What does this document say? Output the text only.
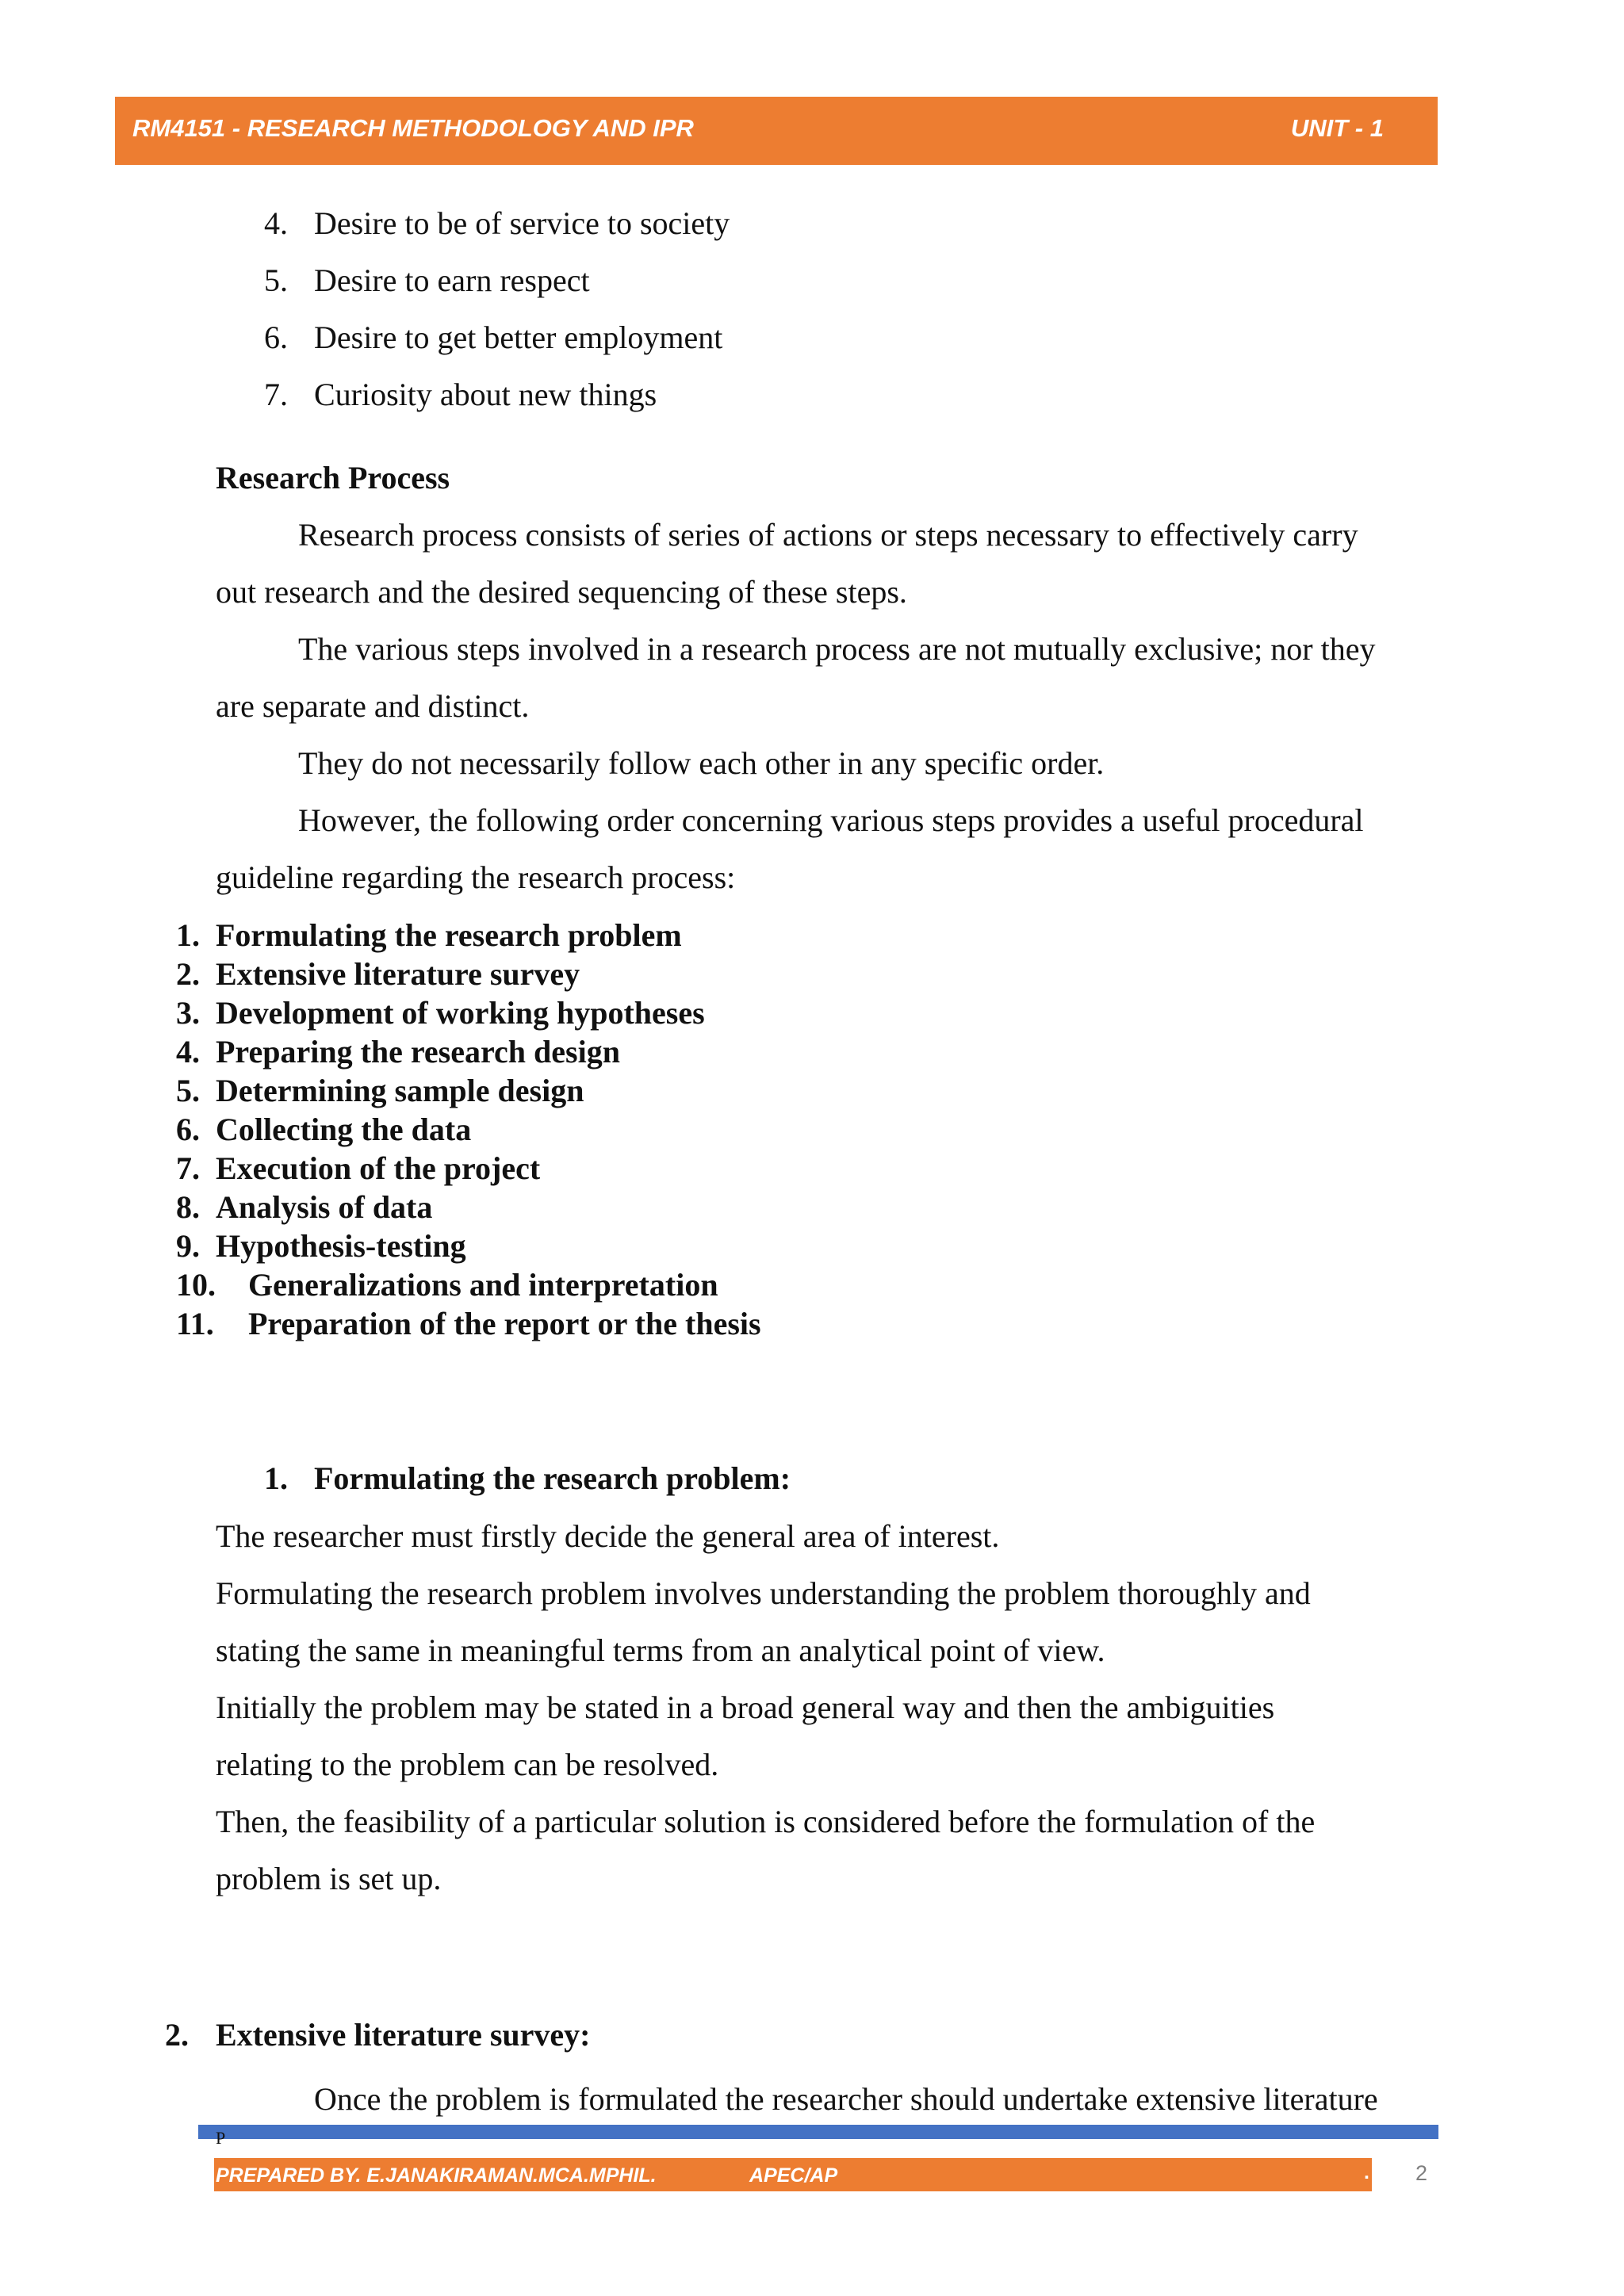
RM4151 - RESEARCH METHODOLOGY AND IPR	UNIT - 1
4. Desire to be of service to society
5. Desire to earn respect
6. Desire to get better employment
7. Curiosity about new things
Research Process
Research process consists of series of actions or steps necessary to effectively carry
out research and the desired sequencing of these steps.
The various steps involved in a research process are not mutually exclusive; nor they
are separate and distinct.
They do not necessarily follow each other in any specific order.
However, the following order concerning various steps provides a useful procedural
guideline regarding the research process:
1. Formulating the research problem
2. Extensive literature survey
3. Development of working hypotheses
4. Preparing the research design
5. Determining sample design
6. Collecting the data
7. Execution of the project
8. Analysis of data
9. Hypothesis-testing
10. Generalizations and interpretation
11. Preparation of the report or the thesis
1. Formulating the research problem:
The researcher must firstly decide the general area of interest.
Formulating the research problem involves understanding the problem thoroughly and
stating the same in meaningful terms from an analytical point of view.
Initially the problem may be stated in a broad general way and then the ambiguities
relating to the problem can be resolved.
Then, the feasibility of a particular solution is considered before the formulation of the
problem is set up.
2. Extensive literature survey:
Once the problem is formulated the researcher should undertake extensive literature
P
PREPARED BY. E.JANAKIRAMAN.MCA.MPHIL.	APEC/AP	. 2
